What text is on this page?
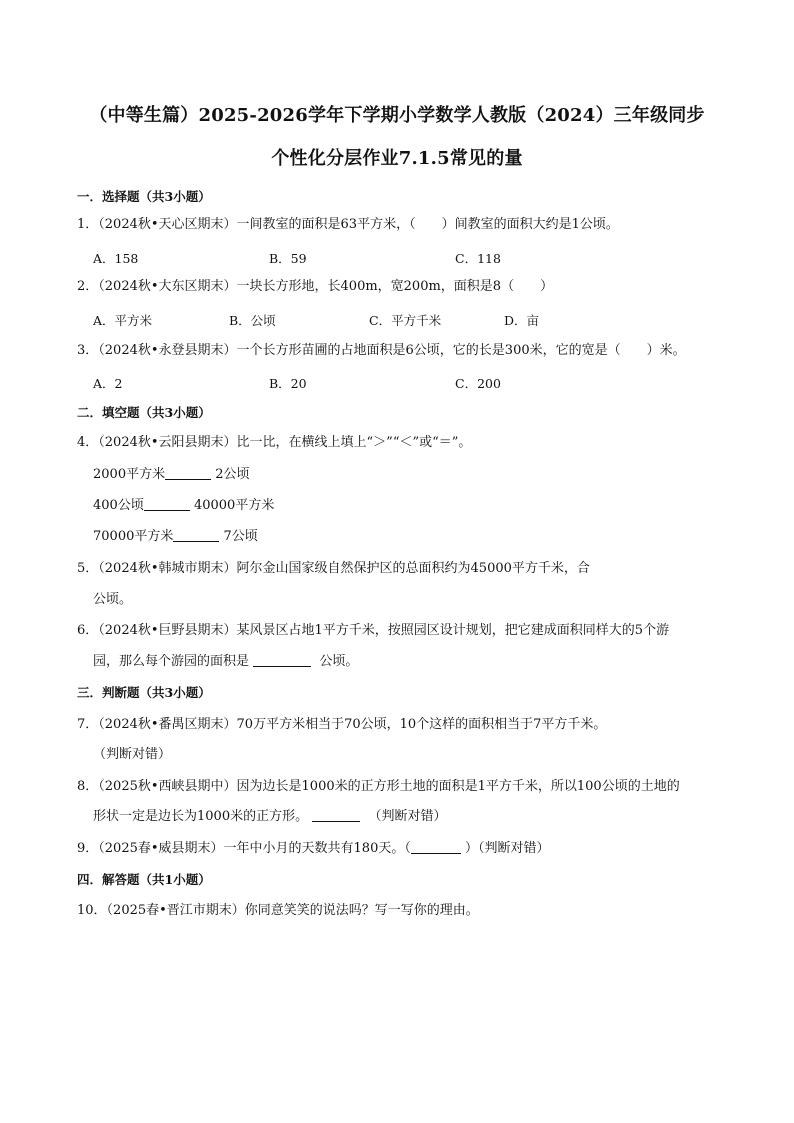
（中等生篇）2025-2026学年下学期小学数学人教版（2024）三年级同步
个性化分层作业7.1.5常见的量
一．选择题（共3小题）
1．（2024秋•天心区期末）一间教室的面积是63平方米，（　　）间教室的面积大约是1公顷。
A．158	B．59	C．118
2．（2024秋•大东区期末）一块长方形地，长400m，宽200m，面积是8（　　）
A．平方米	B．公顷	C．平方千米	D．亩
3．（2024秋•永登县期末）一个长方形苗圃的占地面积是6公顷，它的长是300米，它的宽是（　　）米。
A．2	B．20	C．200
二．填空题（共3小题）
4．（2024秋•云阳县期末）比一比，在横线上填上“＞”“＜”或“＝”。
2000平方米	2公顷
400公顷	40000平方米
70000平方米	7公顷
5．（2024秋•韩城市期末）阿尔金山国家级自然保护区的总面积约为45000平方千米，合
公顷。
6．（2024秋•巨野县期末）某风景区占地1平方千米，按照园区设计规划，把它建成面积同样大的5个游
园，那么每个游园的面积是	公顷。
三．判断题（共3小题）
7．（2024秋•番禺区期末）70万平方米相当于70公顷，10个这样的面积相当于7平方千米。
（判断对错）
8．（2025秋•西峡县期中）因为边长是1000米的正方形土地的面积是1平方千米，所以100公顷的土地的
形状一定是边长为1000米的正方形。	（判断对错）
9．（2025春•威县期末）一年中小月的天数共有180天。（	）（判断对错）
四．解答题（共1小题）
10．（2025春•晋江市期末）你同意笑笑的说法吗？写一写你的理由。
